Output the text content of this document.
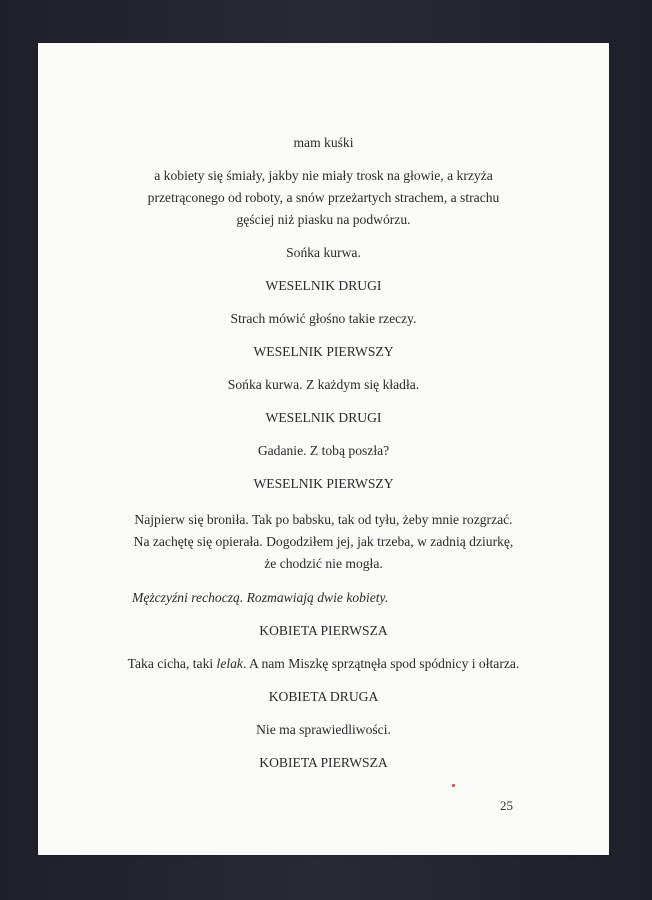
mam kuśki
a kobiety się śmiały, jakby nie miały trosk na głowie, a krzyża przetrąconego od roboty, a snów przeżartych strachem, a strachu gęściej niż piasku na podwórzu.
Sońka kurwa.
WESELNIK DRUGI
Strach mówić głośno takie rzeczy.
WESELNIK PIERWSZY
Sońka kurwa. Z każdym się kładła.
WESELNIK DRUGI
Gadanie. Z tobą poszła?
WESELNIK PIERWSZY
Najpierw się broniła. Tak po babsku, tak od tyłu, żeby mnie rozgrzać. Na zachętę się opierała. Dogodziłem jej, jak trzeba, w zadnią dziurkę, że chodzić nie mogła.
Mężczyźni rechoczą. Rozmawiają dwie kobiety.
KOBIETA PIERWSZA
Taka cicha, taki lelak. A nam Miszkę sprzątnęła spod spódnicy i ołtarza.
KOBIETA DRUGA
Nie ma sprawiedliwości.
KOBIETA PIERWSZA
25
